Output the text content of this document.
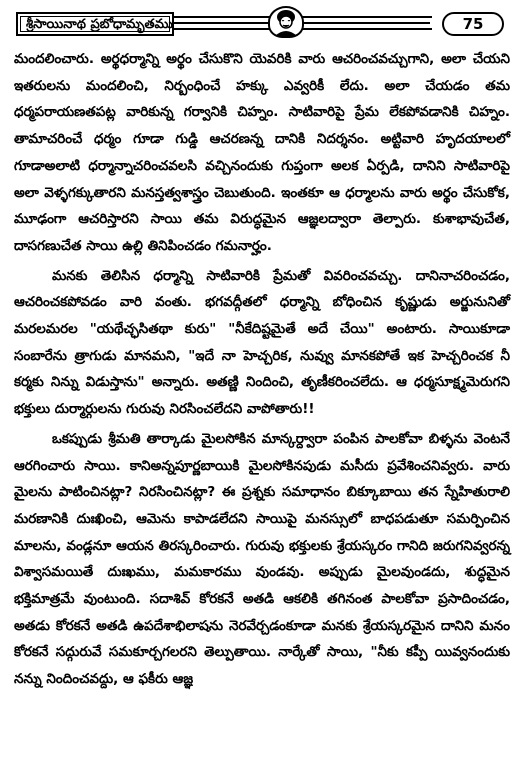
శ్రీసాయినాథ ప్రబోధామృతము	75

మందలించారు. అర్థధర్మాన్ని అర్థం చేసుకొని యెవరికి వారు ఆచరించవచ్చుగాని, అలా చేయని ఇతరులను మందలించి, నిర్బంధించే హక్కు ఎవ్వరికీ లేదు. అలా చేయడం తమ ధర్మపరాయణతపట్ల వారికున్న గర్వానికి చిహ్నం. సాటివారిపై ప్రేమ లేకపోవడానికి చిహ్నం. తామాచరించే ధర్మం గూడా గుడ్డి ఆచరణన్న దానికి నిదర్శనం. అట్టివారి హృదయాలలో గూడాఅలాటి ధర్మాన్నాచరించవలసి వచ్చినందుకు గుప్తంగా అలక ఏర్పడి, దానిని సాటివారిపై అలా వెళ్ళగక్కుతారని మనస్తత్వశాస్త్రం చెబుతుంది. ఇంతకూ ఆ ధర్మాలను వారు అర్థం చేసుకోక, మూఢంగా ఆచరిస్తారని సాయి తమ విరుద్ధమైన ఆజ్ఞలద్వారా తెల్పారు. కుశాభావుచేత, దాసగణుచేత సాయి ఉల్లి తినిపించడం గమనార్హం.

మనకు తెలిసిన ధర్మాన్ని సాటివారికి ప్రేమతో వివరించవచ్చు. దానినాచరించడం, ఆచరించకపోవడం వారి వంతు. భగవద్గీతలో ధర్మాన్ని బోధించిన కృష్ణుడు అర్జునునితో మరలమరల "యథేచ్ఛసితథా కురు" "నీకేదిష్టమైతే అదే చేయి" అంటారు. సాయికూడా సంబారేను త్రాగుడు మానమని, "ఇదే నా హెచ్చరిక, నువ్వు మానకపోతే ఇక హెచ్చరించక నీ కర్మకు నిన్ను విడుస్తాను" అన్నారు. అతణ్ణి నిందించి, తృణీకరించలేదు. ఆ ధర్మసూక్ష్మమెరుగని భక్తులు దుర్మార్గులను గురువు నిరసించలేదని వాపోతారు!!

ఒకప్పుడు శ్రీమతి తార్కాడు మైలసోకిన మాన్కర్ద్వారా పంపిన పాలకోవా బిళ్ళను వెంటనే ఆరగించారు సాయి. కానిఅన్నపూర్ణబాయికి మైలసోకినపుడు మసీదు ప్రవేశించనివ్వరు. వారు మైలను పాటించినట్లా? నిరసించినట్లా? ఈ ప్రశ్నకు సమాధానం బిక్కూబాయి తన స్నేహితురాలి మరణానికి దుఃఖించి, ఆమెను కాపాడలేదని సాయిపై మనస్సులో బాధపడుతూ సమర్పించిన మాలను, వండ్లనూ ఆయన తిరస్కరించారు. గురువు భక్తులకు శ్రేయస్కరం గానిది జరుగనివ్వరన్న విశ్వాసమయితే దుఃఖము, మమకారము వుండవు. అప్పుడు మైలవుండదు, శుద్ధమైన భక్తిమాత్రమే వుంటుంది. సదాశివ్ కోరకనే అతడి ఆకలికి తగినంత పాలకోవా ప్రసాదించడం, అతడు కోరకనే అతడి ఉపదేశాభిలాషను నెరవేర్చడంకూడా మనకు శ్రేయస్కరమైన దానిని మనం కోరకనే సద్గురువే సమకూర్చగలరని తెల్పుతాయి. నార్కేతో సాయి, "నీకు కప్పీ యివ్వనందుకు నన్ను నిందించవద్దు, ఆ ఫకీరు ఆజ్ఞ
